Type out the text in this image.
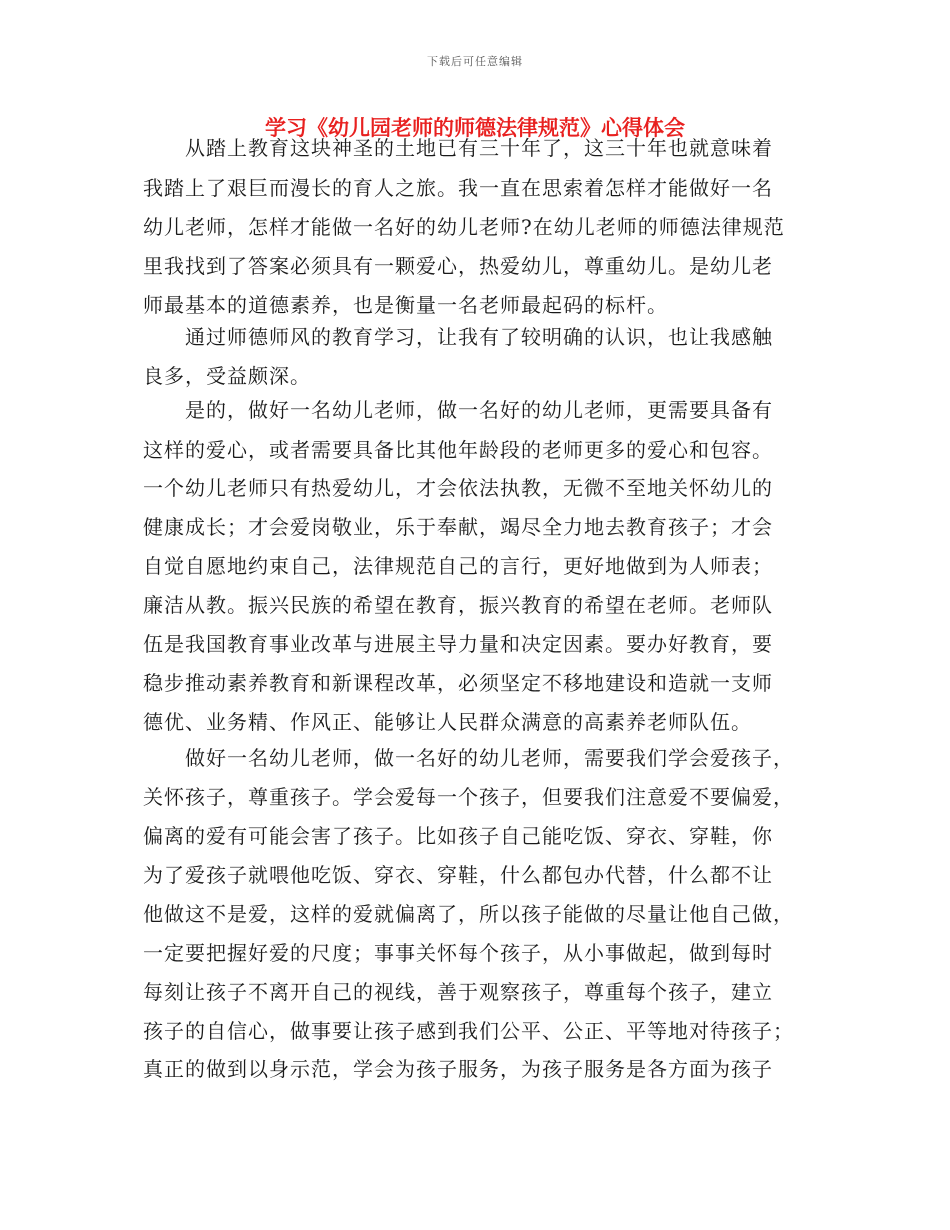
下载后可任意编辑
学习《幼儿园老师的师德法律规范》心得体会
　　从踏上教育这块神圣的土地已有三十年了，这三十年也就意味着
我踏上了艰巨而漫长的育人之旅。我一直在思索着怎样才能做好一名
幼儿老师，怎样才能做一名好的幼儿老师?在幼儿老师的师德法律规范
里我找到了答案必须具有一颗爱心，热爱幼儿，尊重幼儿。是幼儿老
师最基本的道德素养，也是衡量一名老师最起码的标杆。
　　通过师德师风的教育学习，让我有了较明确的认识，也让我感触
良多，受益颇深。
　　是的，做好一名幼儿老师，做一名好的幼儿老师，更需要具备有
这样的爱心，或者需要具备比其他年龄段的老师更多的爱心和包容。
一个幼儿老师只有热爱幼儿，才会依法执教，无微不至地关怀幼儿的
健康成长；才会爱岗敬业，乐于奉献，竭尽全力地去教育孩子；才会
自觉自愿地约束自己，法律规范自己的言行，更好地做到为人师表；
廉洁从教。振兴民族的希望在教育，振兴教育的希望在老师。老师队
伍是我国教育事业改革与进展主导力量和决定因素。要办好教育，要
稳步推动素养教育和新课程改革，必须坚定不移地建设和造就一支师
德优、业务精、作风正、能够让人民群众满意的高素养老师队伍。
　　做好一名幼儿老师，做一名好的幼儿老师，需要我们学会爱孩子，
关怀孩子，尊重孩子。学会爱每一个孩子，但要我们注意爱不要偏爱，
偏离的爱有可能会害了孩子。比如孩子自己能吃饭、穿衣、穿鞋，你
为了爱孩子就喂他吃饭、穿衣、穿鞋，什么都包办代替，什么都不让
他做这不是爱，这样的爱就偏离了，所以孩子能做的尽量让他自己做，
一定要把握好爱的尺度；事事关怀每个孩子，从小事做起，做到每时
每刻让孩子不离开自己的视线，善于观察孩子，尊重每个孩子，建立
孩子的自信心，做事要让孩子感到我们公平、公正、平等地对待孩子；
真正的做到以身示范，学会为孩子服务，为孩子服务是各方面为孩子
